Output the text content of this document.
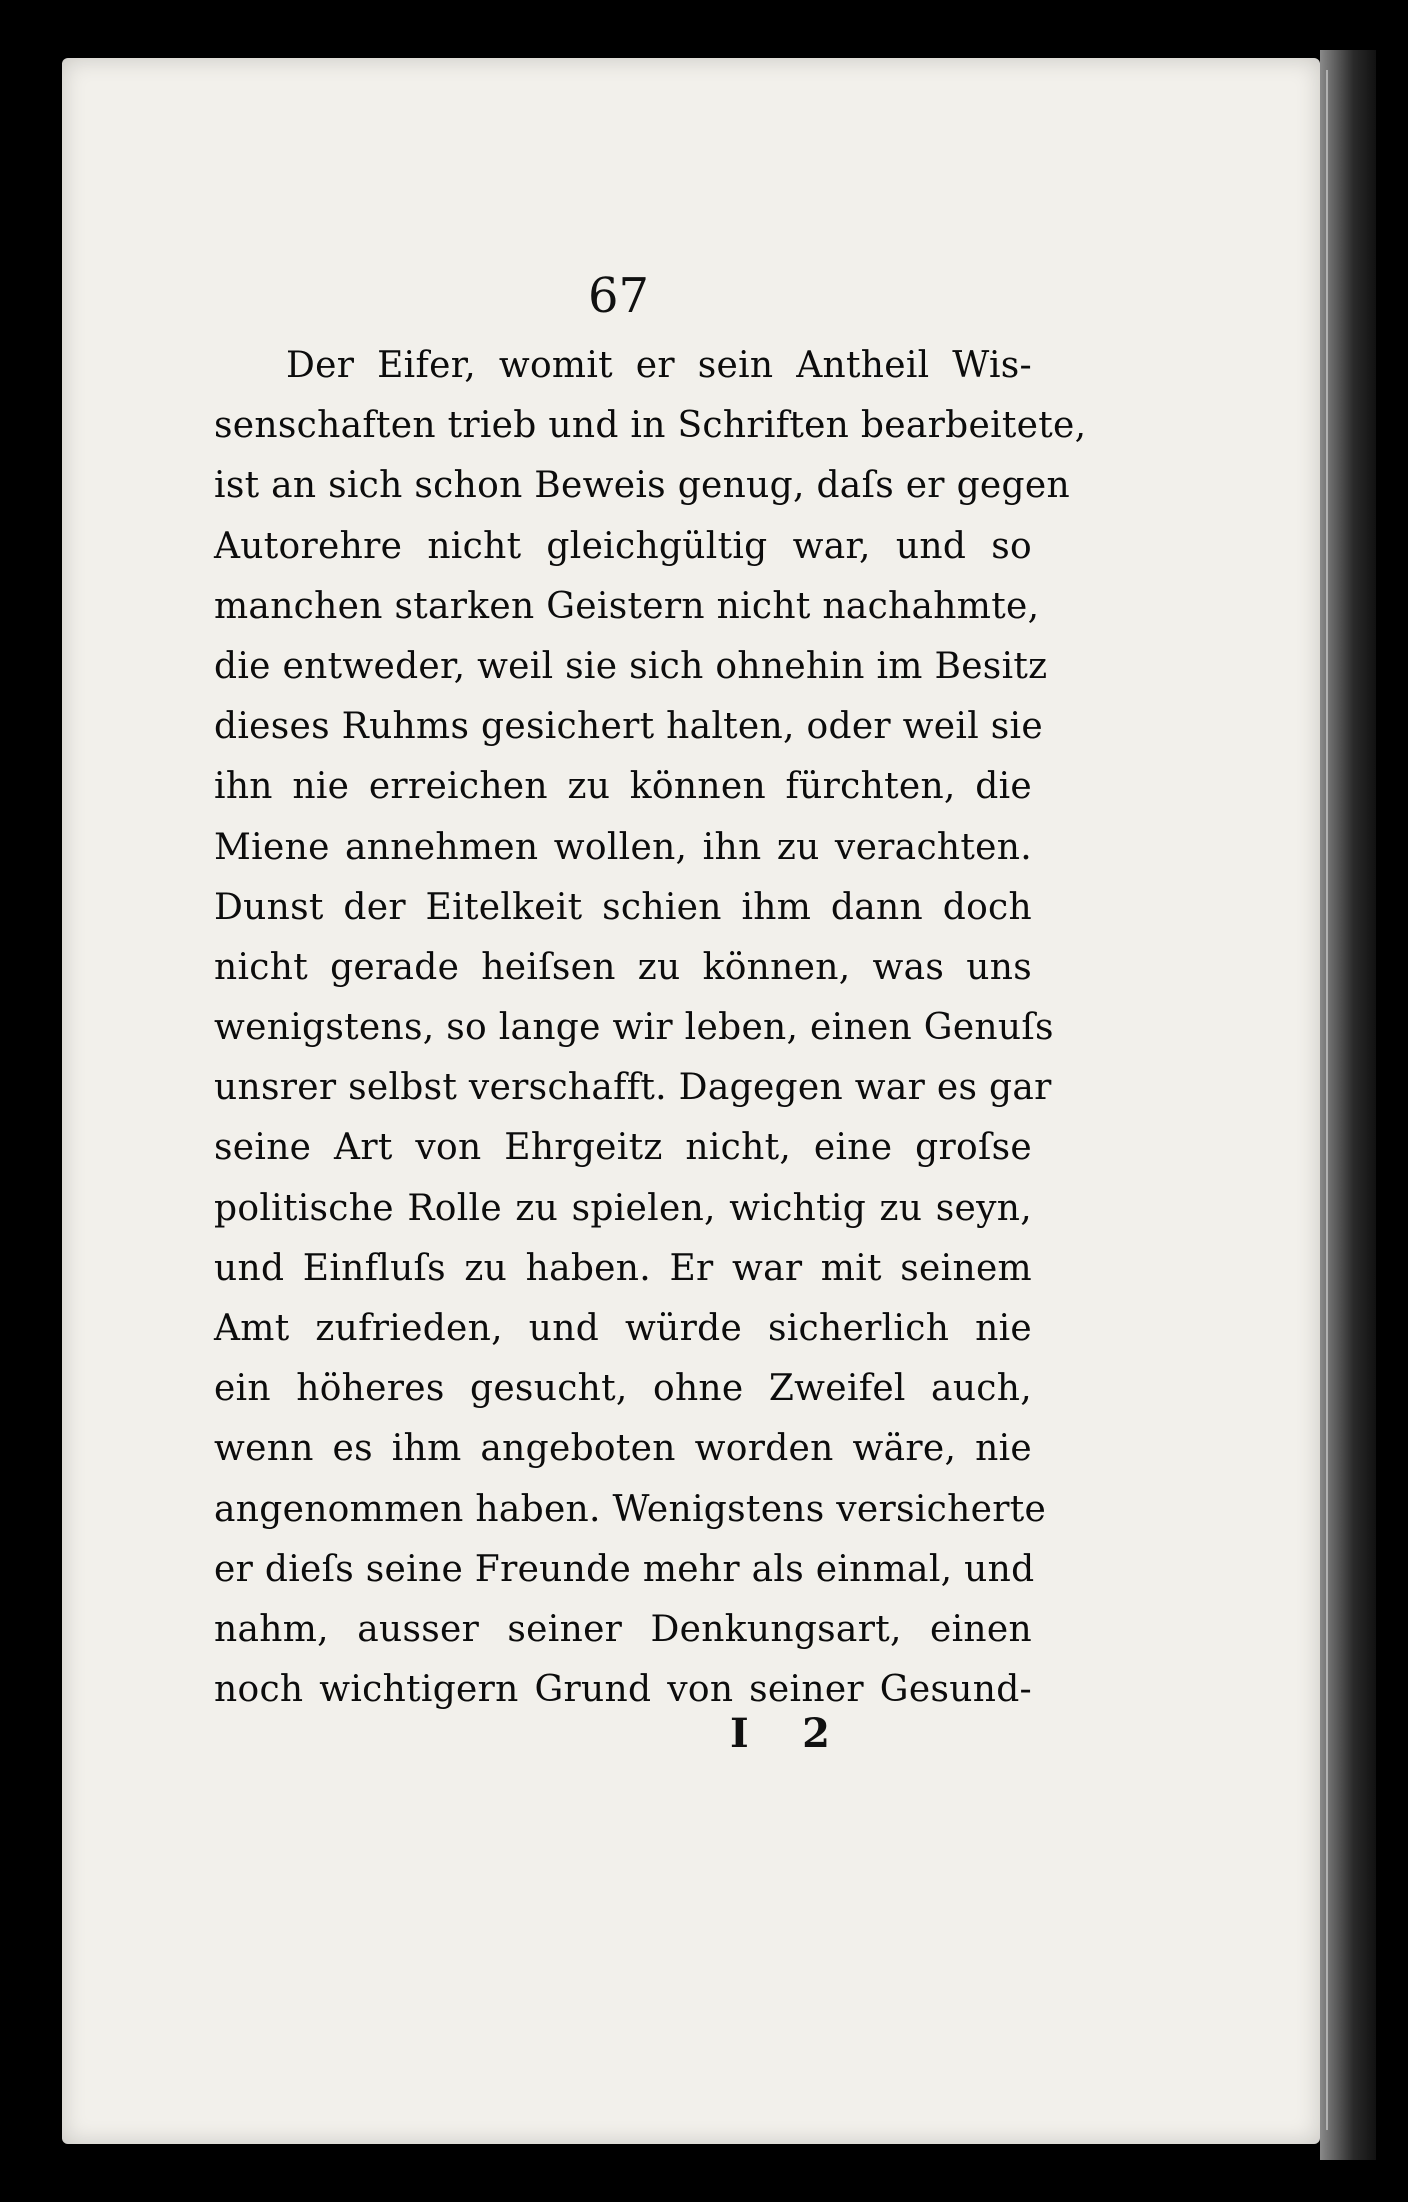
67
Der Eifer, womit er sein Antheil Wis-
senschaften trieb und in Schriften bearbeitete,
ist an sich schon Beweis genug, daſs er gegen
Autorehre nicht gleichgültig war, und so
manchen starken Geistern nicht nachahmte,
die entweder, weil sie sich ohnehin im Besitz
dieses Ruhms gesichert halten, oder weil sie
ihn nie erreichen zu können fürchten, die
Miene annehmen wollen, ihn zu verachten.
Dunst der Eitelkeit schien ihm dann doch
nicht gerade heiſsen zu können, was uns
wenigstens, so lange wir leben, einen Genuſs
unsrer selbst verschafft. Dagegen war es gar
seine Art von Ehrgeitz nicht, eine groſse
politische Rolle zu spielen, wichtig zu seyn,
und Einfluſs zu haben. Er war mit seinem
Amt zufrieden, und würde sicherlich nie
ein höheres gesucht, ohne Zweifel auch,
wenn es ihm angeboten worden wäre, nie
angenommen haben. Wenigstens versicherte
er dieſs seine Freunde mehr als einmal, und
nahm, ausser seiner Denkungsart, einen
noch wichtigern Grund von seiner Gesund-
I 2
